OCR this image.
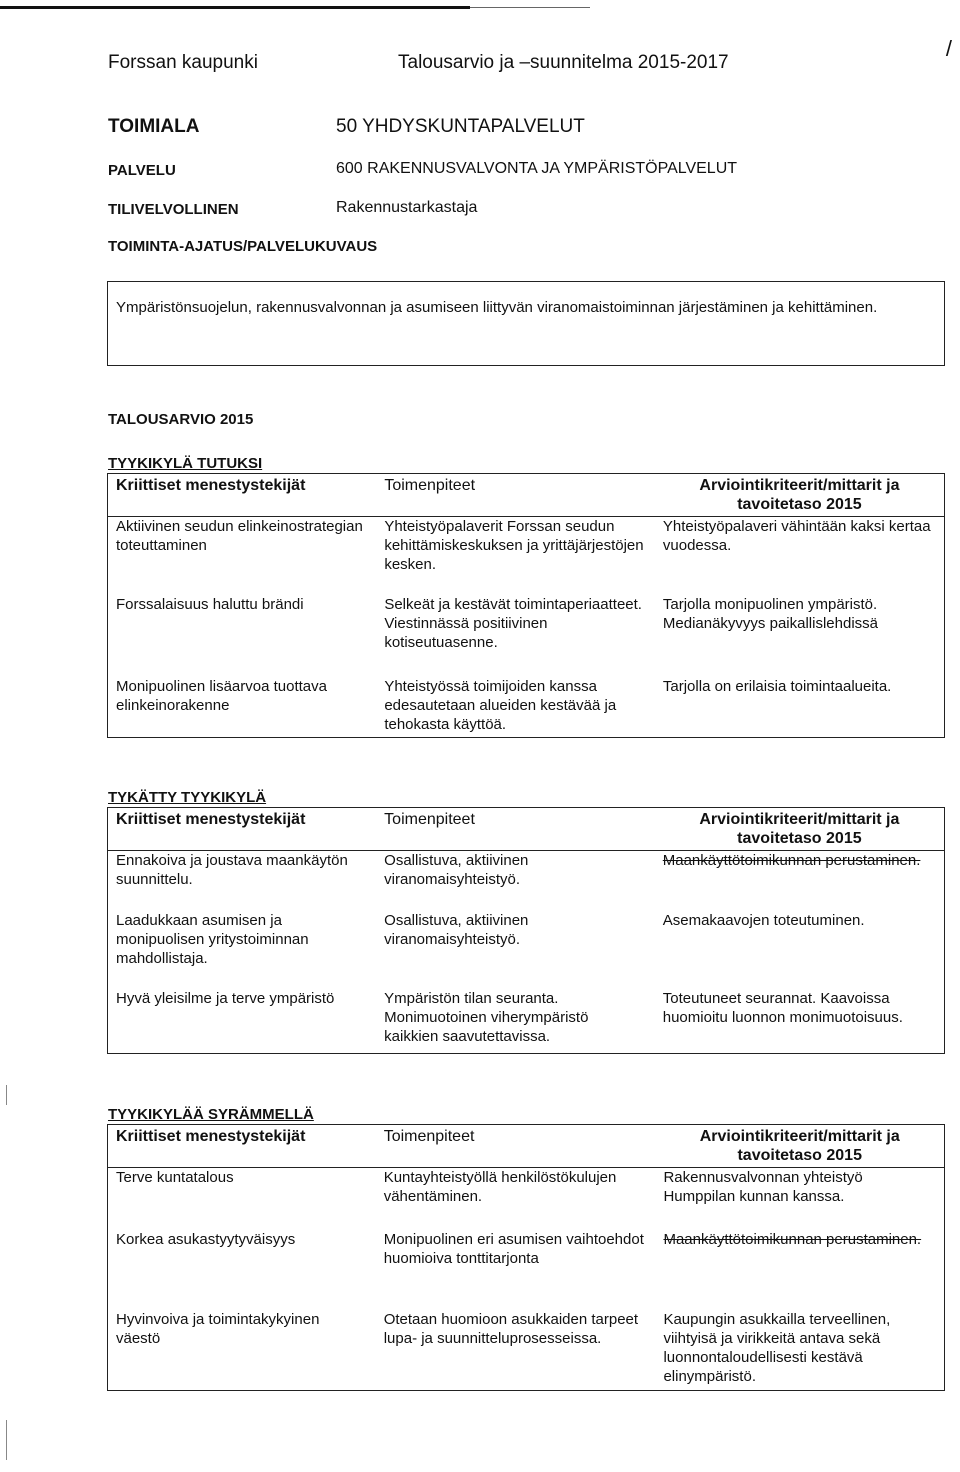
Forssan kaupunki	Talousarvio ja –suunnitelma 2015-2017
/
TOIMIALA	50 YHDYSKUNTAPALVELUT
PALVELU	600 RAKENNUSVALVONTA JA YMPÄRISTÖPALVELUT
TILIVELVOLLINEN	Rakennustarkastaja
TOIMINTA-AJATUS/PALVELUKUVAUS
Ympäristönsuojelun, rakennusvalvonnan ja asumiseen liittyvän viranomaistoiminnan järjestäminen ja kehittäminen.
TALOUSARVIO 2015
TYYKIKYLÄ TUTUKSI
Kriittiset menestystekijät	Toimenpiteet	Arviointikriteerit/mittarit ja tavoitetaso 2015
Aktiivinen seudun elinkeinostrategian toteuttaminen	Yhteistyöpalaverit Forssan seudun kehittämiskeskuksen ja yrittäjärjestöjen kesken.	Yhteistyöpalaveri vähintään kaksi kertaa vuodessa.
Forssalaisuus haluttu brändi	Selkeät ja kestävät toimintaperiaatteet. Viestinnässä positiivinen kotiseutuasenne.	Tarjolla monipuolinen ympäristö. Medianäkyvyys paikallislehdissä
Monipuolinen lisäarvoa tuottava elinkeinorakenne	Yhteistyössä toimijoiden kanssa edesautetaan alueiden kestävää ja tehokasta käyttöä.	Tarjolla on erilaisia toimintaalueita.
TYKÄTTY TYYKIKYLÄ
Kriittiset menestystekijät	Toimenpiteet	Arviointikriteerit/mittarit ja tavoitetaso 2015
Ennakoiva ja joustava maankäytön suunnittelu.	Osallistuva, aktiivinen viranomaisyhteistyö.	Maankäyttötoimikunnan perustaminen.
Laadukkaan asumisen ja monipuolisen yritystoiminnan mahdollistaja.	Osallistuva, aktiivinen viranomaisyhteistyö.	Asemakaavojen toteutuminen.
Hyvä yleisilme ja terve ympäristö	Ympäristön tilan seuranta. Monimuotoinen viherympäristö kaikkien saavutettavissa.	Toteutuneet seurannat. Kaavoissa huomioitu luonnon monimuotoisuus.
TYYKIKYLÄÄ SYRÄMMELLÄ
Kriittiset menestystekijät	Toimenpiteet	Arviointikriteerit/mittarit ja tavoitetaso 2015
Terve kuntatalous	Kuntayhteistyöllä henkilöstökulujen vähentäminen.	Rakennusvalvonnan yhteistyö Humppilan kunnan kanssa.
Korkea asukastyytyväisyys	Monipuolinen eri asumisen vaihtoehdot huomioiva tonttitarjonta	Maankäyttötoimikunnan perustaminen.
Hyvinvoiva ja toimintakykyinen väestö	Otetaan huomioon asukkaiden tarpeet lupa- ja suunnitteluprosesseissa.	Kaupungin asukkailla terveellinen, viihtyisä ja virikkeitä antava sekä luonnontaloudellisesti kestävä elinympäristö.
